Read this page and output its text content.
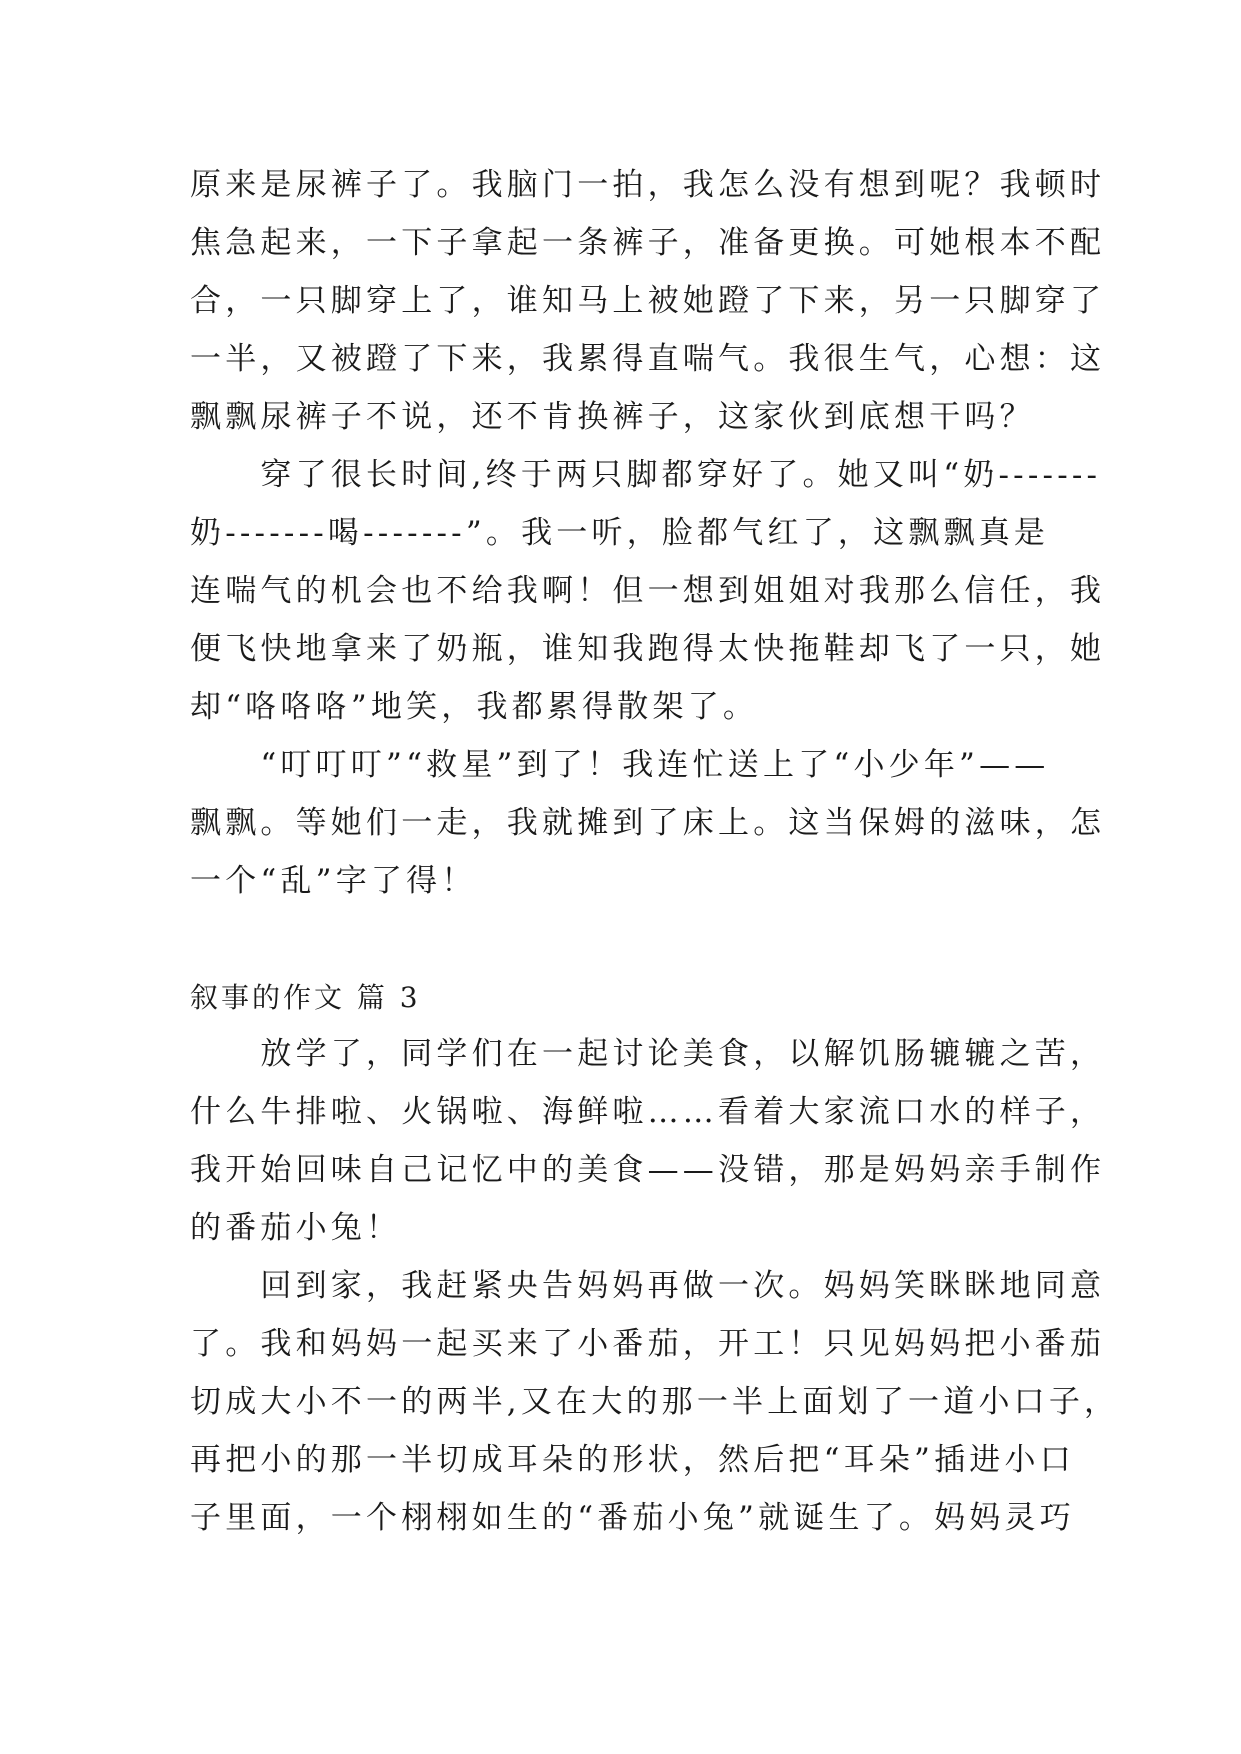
原来是尿裤子了。我脑门一拍，我怎么没有想到呢？我顿时
焦急起来，一下子拿起一条裤子，准备更换。可她根本不配
合，一只脚穿上了，谁知马上被她蹬了下来，另一只脚穿了
一半，又被蹬了下来，我累得直喘气。我很生气，心想：这
飘飘尿裤子不说，还不肯换裤子，这家伙到底想干吗？
　　穿了很长时间,终于两只脚都穿好了。她又叫“奶-------
奶-------喝-------”。我一听，脸都气红了，这飘飘真是
连喘气的机会也不给我啊！但一想到姐姐对我那么信任，我
便飞快地拿来了奶瓶，谁知我跑得太快拖鞋却飞了一只，她
却“咯咯咯”地笑，我都累得散架了。
　　“叮叮叮”“救星”到了！我连忙送上了“小少年”——
飘飘。等她们一走，我就摊到了床上。这当保姆的滋味，怎
一个“乱”字了得！
叙事的作文 篇 3
　　放学了，同学们在一起讨论美食，以解饥肠辘辘之苦，
什么牛排啦、火锅啦、海鲜啦……看着大家流口水的样子，
我开始回味自己记忆中的美食——没错，那是妈妈亲手制作
的番茄小兔！
　　回到家，我赶紧央告妈妈再做一次。妈妈笑眯眯地同意
了。我和妈妈一起买来了小番茄，开工！只见妈妈把小番茄
切成大小不一的两半,又在大的那一半上面划了一道小口子，
再把小的那一半切成耳朵的形状，然后把“耳朵”插进小口
子里面，一个栩栩如生的“番茄小兔”就诞生了。妈妈灵巧
